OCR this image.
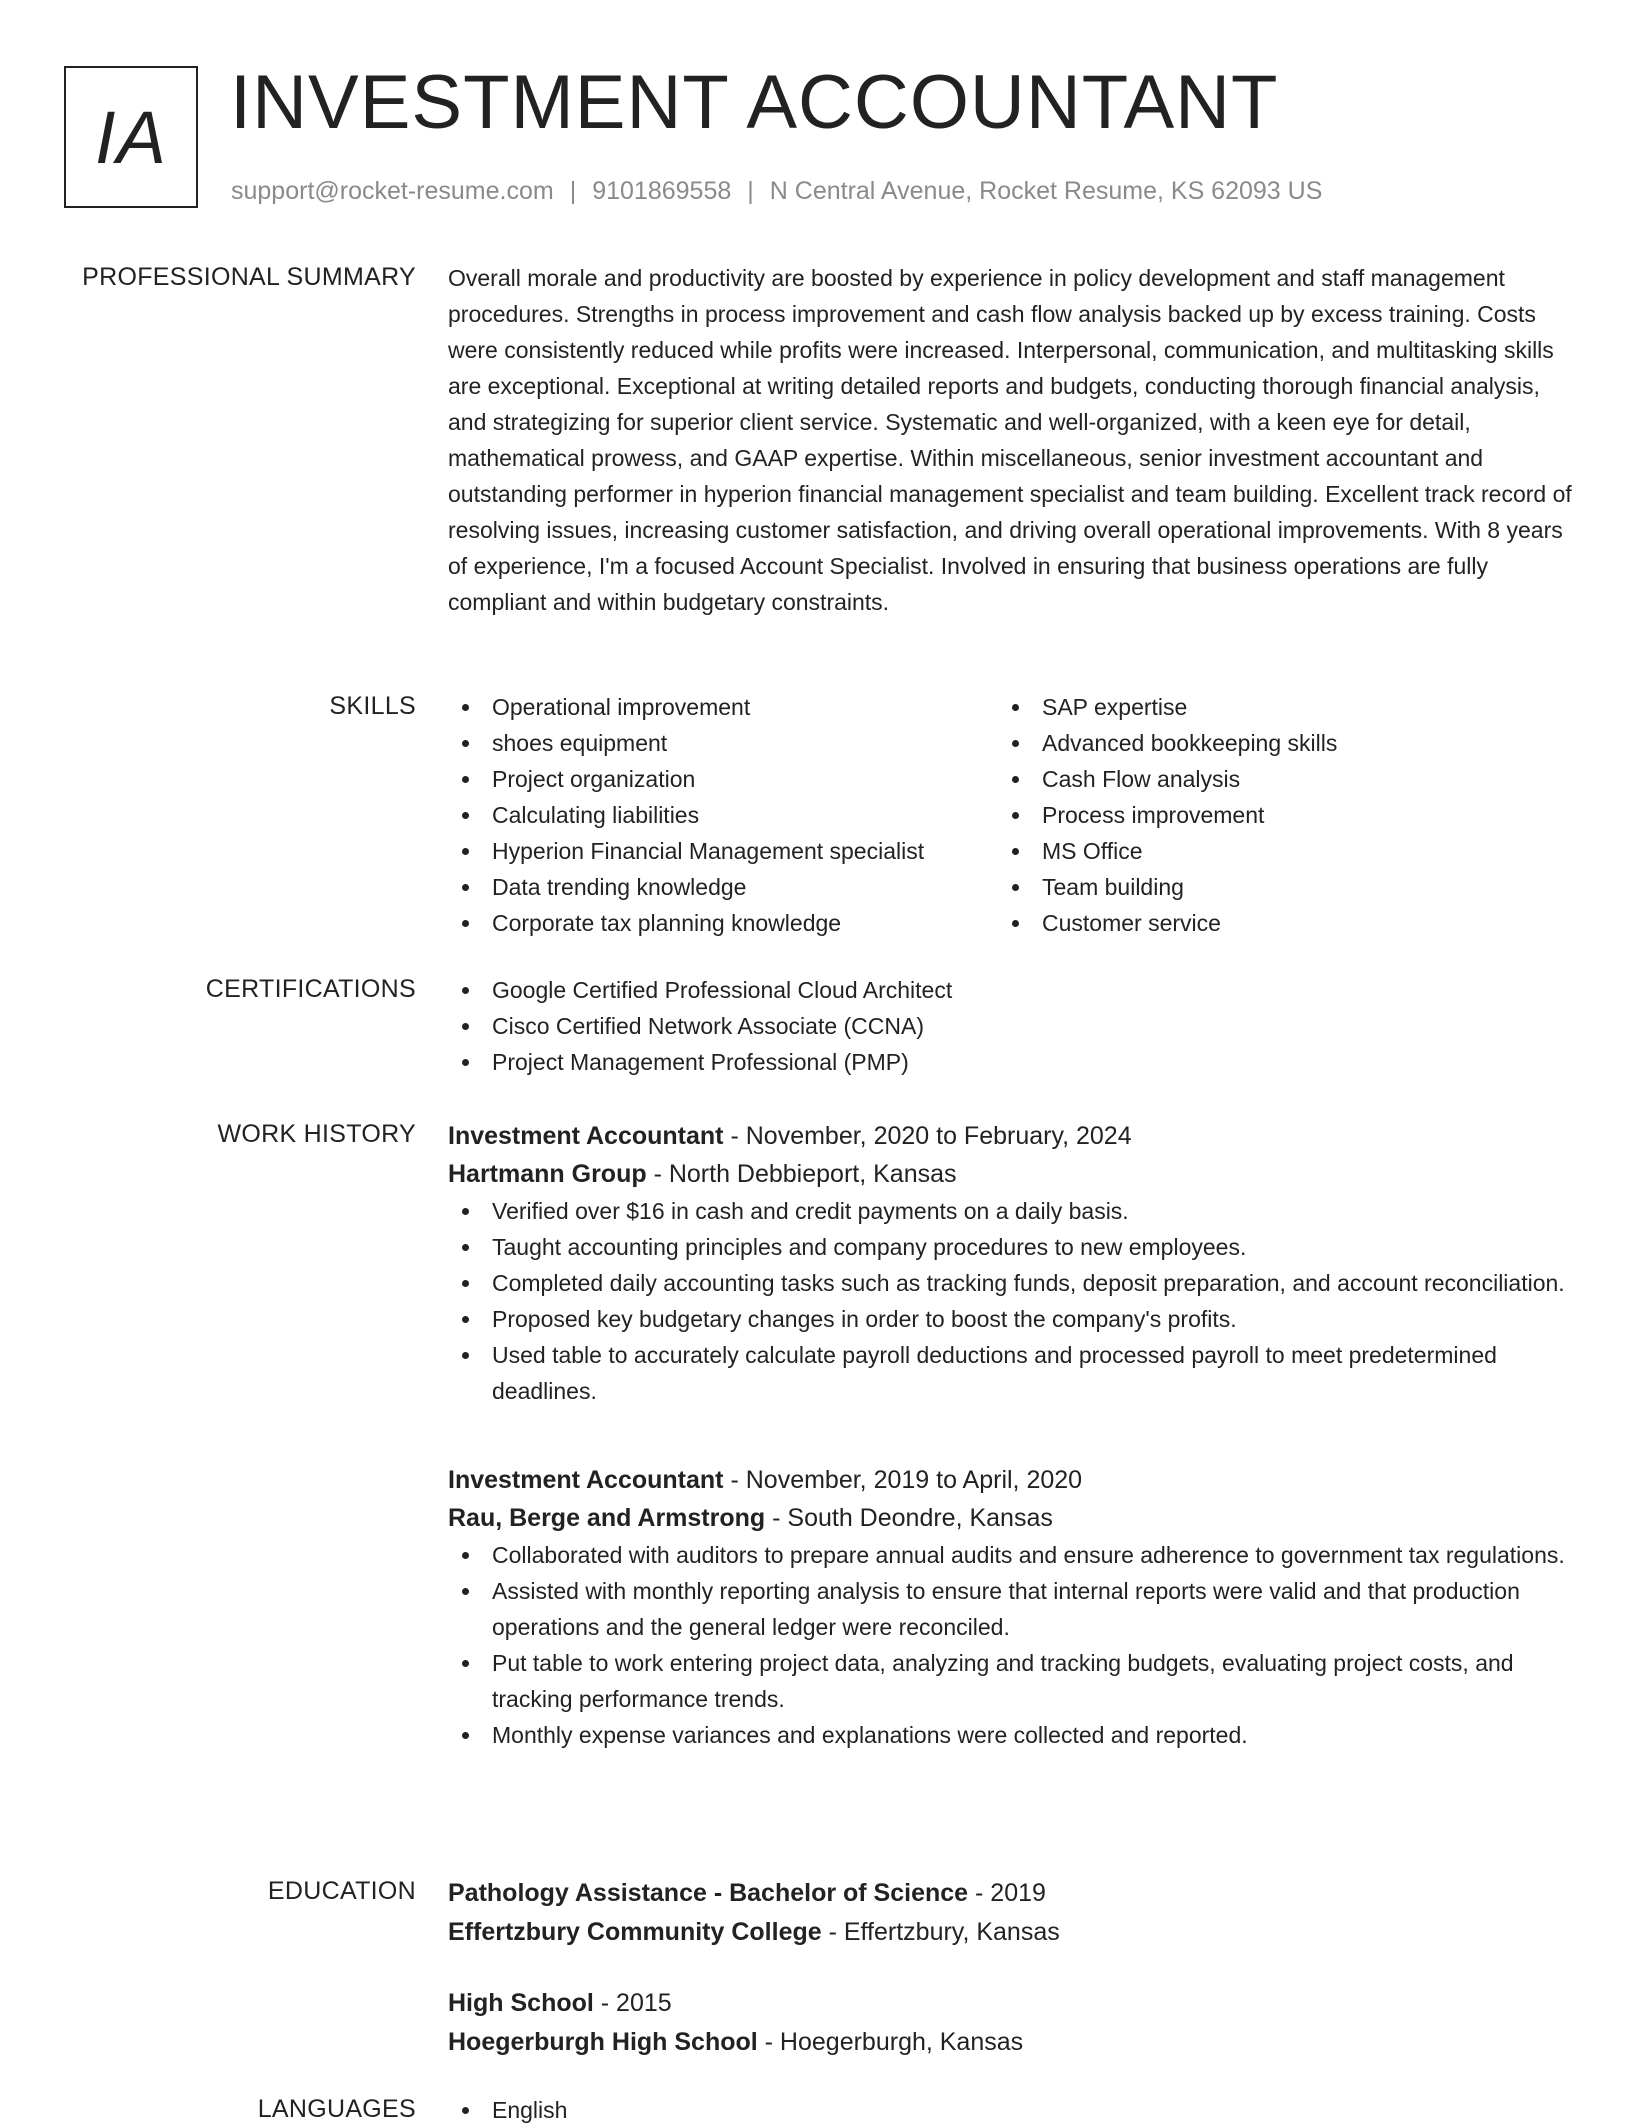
IA INVESTMENT ACCOUNTANT
support@rocket-resume.com | 9101869558 | N Central Avenue, Rocket Resume, KS 62093 US
PROFESSIONAL SUMMARY Overall morale and productivity are boosted by experience in policy development and staff management procedures. Strengths in process improvement and cash flow analysis backed up by excess training. Costs were consistently reduced while profits were increased. Interpersonal, communication, and multitasking skills are exceptional. Exceptional at writing detailed reports and budgets, conducting thorough financial analysis, and strategizing for superior client service. Systematic and well-organized, with a keen eye for detail, mathematical prowess, and GAAP expertise. Within miscellaneous, senior investment accountant and outstanding performer in hyperion financial management specialist and team building. Excellent track record of resolving issues, increasing customer satisfaction, and driving overall operational improvements. With 8 years of experience, I'm a focused Account Specialist. Involved in ensuring that business operations are fully compliant and within budgetary constraints.

SKILLS	Operational improvement
shoes equipment
Project organization
Calculating liabilities
Hyperion Financial Management specialist
Data trending knowledge
Corporate tax planning knowledge
SAP expertise
Advanced bookkeeping skills
Cash Flow analysis
Process improvement
MS Office
Team building
Customer service
CERTIFICATIONS	Google Certified Professional Cloud Architect
Cisco Certified Network Associate (CCNA)
Project Management Professional (PMP)
WORK HISTORY Investment Accountant - November, 2020 to February, 2024
Hartmann Group - North Debbieport, Kansas
Verified over $16 in cash and credit payments on a daily basis.
Taught accounting principles and company procedures to new employees.
Completed daily accounting tasks such as tracking funds, deposit preparation, and account reconciliation.
Proposed key budgetary changes in order to boost the company's profits.
Used table to accurately calculate payroll deductions and processed payroll to meet predetermined deadlines.
Investment Accountant - November, 2019 to April, 2020
Rau, Berge and Armstrong - South Deondre, Kansas
Collaborated with auditors to prepare annual audits and ensure adherence to government tax regulations.
Assisted with monthly reporting analysis to ensure that internal reports were valid and that production operations and the general ledger were reconciled.
Put table to work entering project data, analyzing and tracking budgets, evaluating project costs, and tracking performance trends.
Monthly expense variances and explanations were collected and reported.
EDUCATION Pathology Assistance - Bachelor of Science - 2019
Effertzbury Community College - Effertzbury, Kansas
High School - 2015
Hoegerburgh High School - Hoegerburgh, Kansas
LANGUAGES	English
